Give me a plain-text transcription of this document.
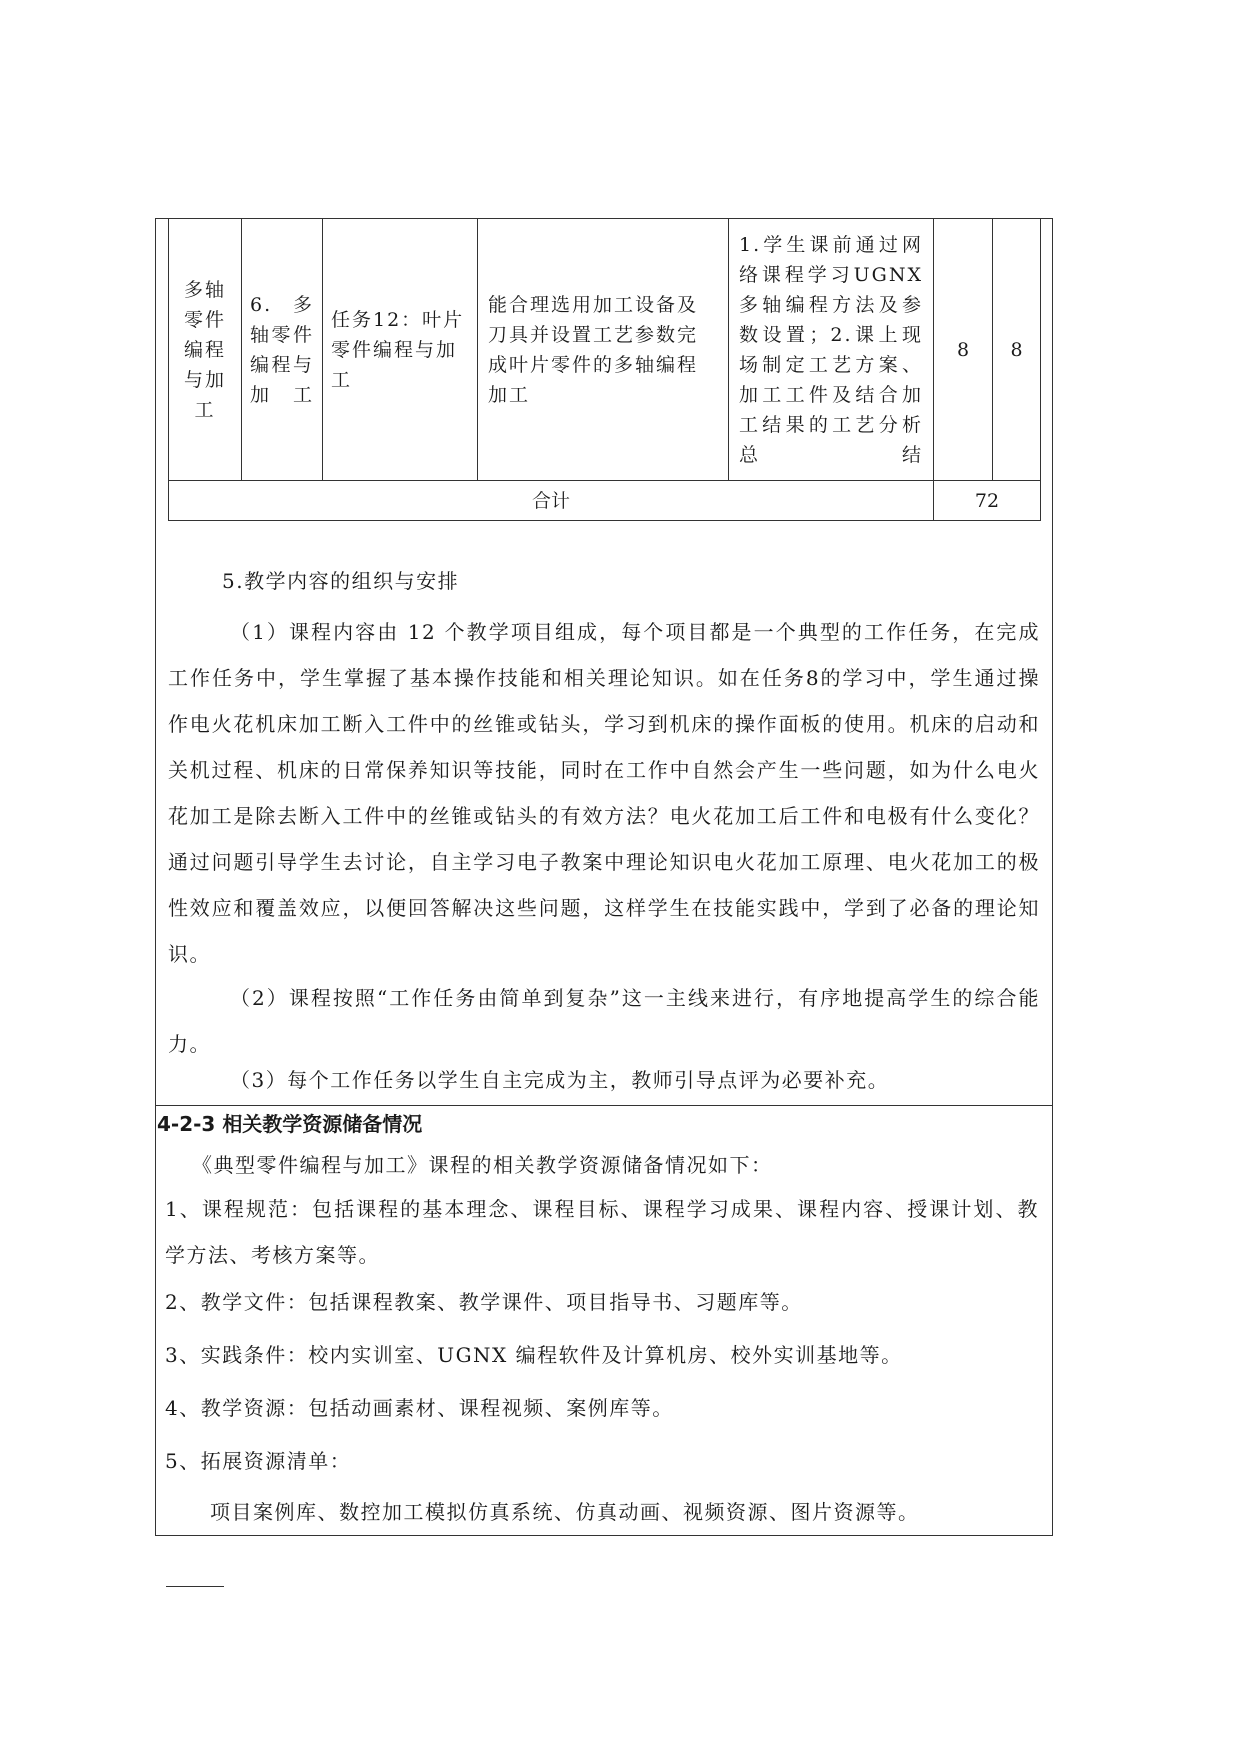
多轴零件编程与加工	6. 多轴零件编程与加工	任务12：叶片零件编程与加工	能合理选用加工设备及刀具并设置工艺参数完成叶片零件的多轴编程加工	1.学生课前通过网络课程学习UGNX多轴编程方法及参数设置；2.课上现场制定工艺方案、加工工件及结合加工结果的工艺分析总结	8	8
合计					72	
5.教学内容的组织与安排
（1）课程内容由 12 个教学项目组成，每个项目都是一个典型的工作任务，在完成工作任务中，学生掌握了基本操作技能和相关理论知识。如在任务8的学习中，学生通过操作电火花机床加工断入工件中的丝锥或钻头，学习到机床的操作面板的使用。机床的启动和关机过程、机床的日常保养知识等技能，同时在工作中自然会产生一些问题，如为什么电火花加工是除去断入工件中的丝锥或钻头的有效方法？电火花加工后工件和电极有什么变化？通过问题引导学生去讨论，自主学习电子教案中理论知识电火花加工原理、电火花加工的极性效应和覆盖效应，以便回答解决这些问题，这样学生在技能实践中，学到了必备的理论知识。
（2）课程按照“工作任务由简单到复杂”这一主线来进行，有序地提高学生的综合能力。
（3）每个工作任务以学生自主完成为主，教师引导点评为必要补充。
4-2-3 相关教学资源储备情况
《典型零件编程与加工》课程的相关教学资源储备情况如下：
1、课程规范：包括课程的基本理念、课程目标、课程学习成果、课程内容、授课计划、教学方法、考核方案等。
2、教学文件：包括课程教案、教学课件、项目指导书、习题库等。
3、实践条件：校内实训室、UGNX 编程软件及计算机房、校外实训基地等。
4、教学资源：包括动画素材、课程视频、案例库等。
5、拓展资源清单：
项目案例库、数控加工模拟仿真系统、仿真动画、视频资源、图片资源等。
